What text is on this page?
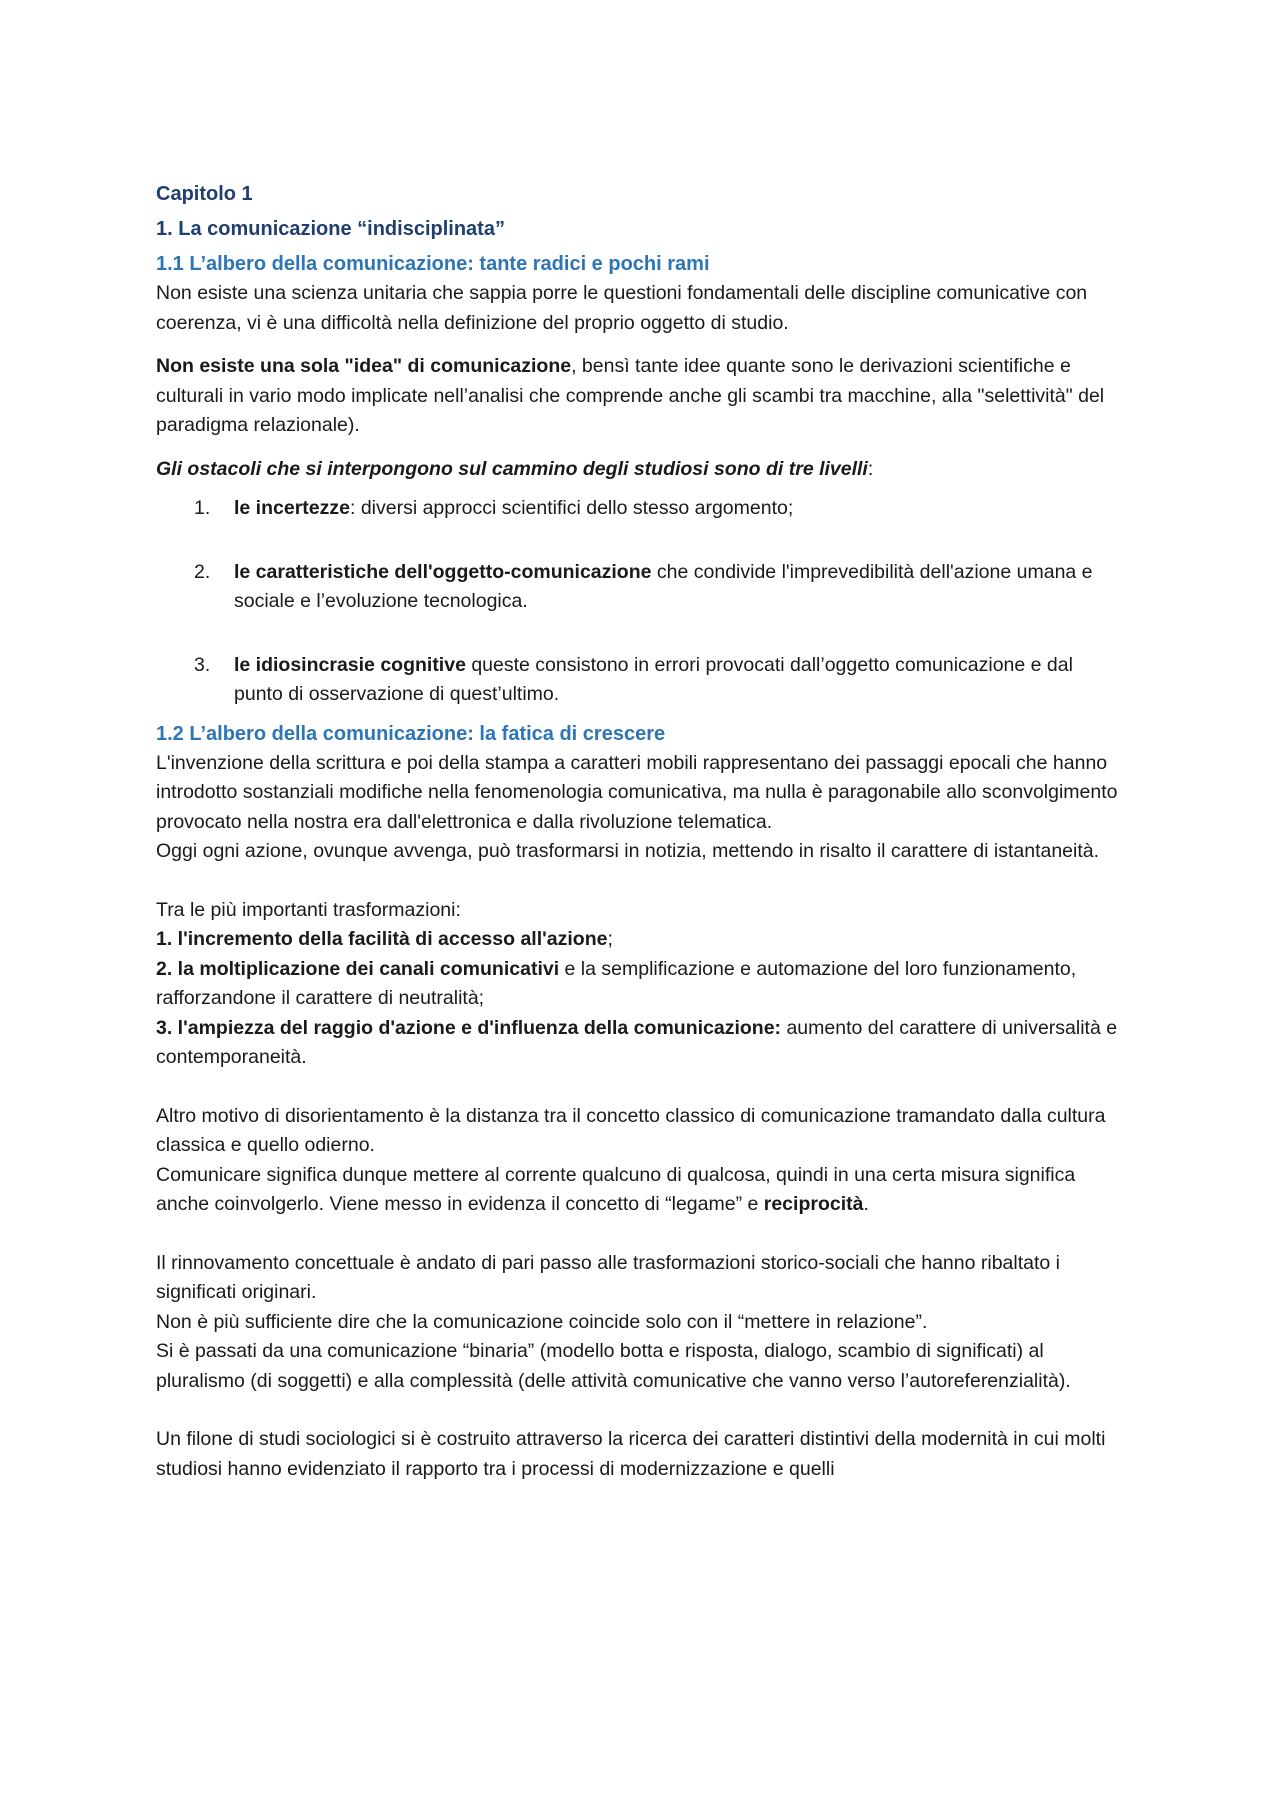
Capitolo 1
1. La comunicazione “indisciplinata”
1.1 L’albero della comunicazione: tante radici e pochi rami

Non esiste una scienza unitaria che sappia porre le questioni fondamentali delle discipline comunicative con coerenza, vi è una difficoltà nella definizione del proprio oggetto di studio.

Non esiste una sola "idea" di comunicazione, bensì tante idee quante sono le derivazioni scientifiche e culturali in vario modo implicate nell’analisi che comprende anche gli scambi tra macchine, alla "selettività" del paradigma relazionale).

Gli ostacoli che si interpongono sul cammino degli studiosi sono di tre livelli:

1. le incertezze: diversi approcci scientifici dello stesso argomento;
2. le caratteristiche dell'oggetto-comunicazione che condivide l'imprevedibilità dell'azione umana e sociale e l’evoluzione tecnologica.
3. le idiosincrasie cognitive queste consistono in errori provocati dall’oggetto comunicazione e dal punto di osservazione di quest’ultimo.
1.2 L’albero della comunicazione: la fatica di crescere

L'invenzione della scrittura e poi della stampa a caratteri mobili rappresentano dei passaggi epocali che hanno introdotto sostanziali modifiche nella fenomenologia comunicativa, ma nulla è paragonabile allo sconvolgimento provocato nella nostra era dall'elettronica e dalla rivoluzione telematica.

Oggi ogni azione, ovunque avvenga, può trasformarsi in notizia, mettendo in risalto il carattere di istantaneità.

Tra le più importanti trasformazioni:

1. l'incremento della facilità di accesso all'azione;

2. la moltiplicazione dei canali comunicativi e la semplificazione e automazione del loro funzionamento, rafforzandone il carattere di neutralità;

3. l'ampiezza del raggio d'azione e d'influenza della comunicazione: aumento del carattere di universalità e contemporaneità.

Altro motivo di disorientamento è la distanza tra il concetto classico di comunicazione tramandato dalla cultura classica e quello odierno.

Comunicare significa dunque mettere al corrente qualcuno di qualcosa, quindi in una certa misura significa anche coinvolgerlo. Viene messo in evidenza il concetto di “legame” e reciprocità.

Il rinnovamento concettuale è andato di pari passo alle trasformazioni storico-sociali che hanno ribaltato i significati originari.

Non è più sufficiente dire che la comunicazione coincide solo con il “mettere in relazione”.

Si è passati da una comunicazione “binaria” (modello botta e risposta, dialogo, scambio di significati) al pluralismo (di soggetti) e alla complessità (delle attività comunicative che vanno verso l’autoreferenzialità).

Un filone di studi sociologici si è costruito attraverso la ricerca dei caratteri distintivi della modernità in cui molti studiosi hanno evidenziato il rapporto tra i processi di modernizzazione e quelli
